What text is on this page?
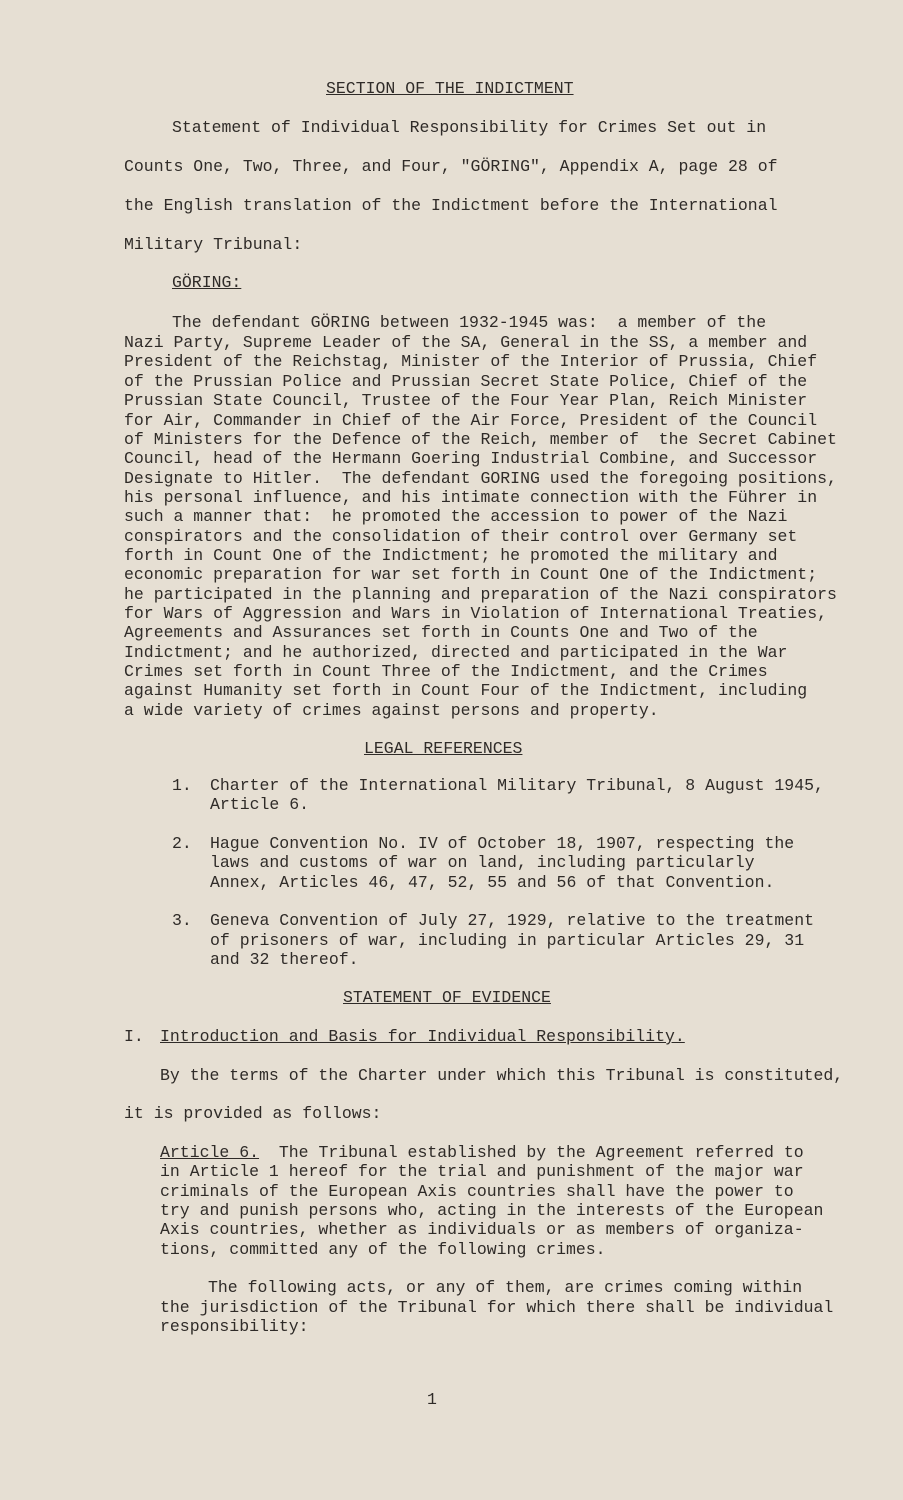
SECTION OF THE INDICTMENT

Statement of Individual Responsibility for Crimes Set out in

Counts One, Two, Three, and Four, "GÖRING", Appendix A, page 28 of

the English translation of the Indictment before the International

Military Tribunal:

GÖRING:

The defendant GÖRING between 1932-1945 was:  a member of the

Nazi Party, Supreme Leader of the SA, General in the SS, a member and

President of the Reichstag, Minister of the Interior of Prussia, Chief

of the Prussian Police and Prussian Secret State Police, Chief of the

Prussian State Council, Trustee of the Four Year Plan, Reich Minister

for Air, Commander in Chief of the Air Force, President of the Council

of Ministers for the Defence of the Reich, member of  the Secret Cabinet

Council, head of the Hermann Goering Industrial Combine, and Successor

Designate to Hitler.  The defendant GORING used the foregoing positions,

his personal influence, and his intimate connection with the Führer in

such a manner that:  he promoted the accession to power of the Nazi

conspirators and the consolidation of their control over Germany set

forth in Count One of the Indictment; he promoted the military and

economic preparation for war set forth in Count One of the Indictment;

he participated in the planning and preparation of the Nazi conspirators

for Wars of Aggression and Wars in Violation of International Treaties,

Agreements and Assurances set forth in Counts One and Two of the

Indictment; and he authorized, directed and participated in the War

Crimes set forth in Count Three of the Indictment, and the Crimes

against Humanity set forth in Count Four of the Indictment, including

a wide variety of crimes against persons and property.

LEGAL REFERENCES

1. Charter of the International Military Tribunal, 8 August 1945,

Article 6.

2. Hague Convention No. IV of October 18, 1907, respecting the

laws and customs of war on land, including particularly

Annex, Articles 46, 47, 52, 55 and 56 of that Convention.

3. Geneva Convention of July 27, 1929, relative to the treatment

of prisoners of war, including in particular Articles 29, 31

and 32 thereof.

STATEMENT OF EVIDENCE

I. Introduction and Basis for Individual Responsibility.

By the terms of the Charter under which this Tribunal is constituted,

it is provided as follows:

Article 6.  The Tribunal established by the Agreement referred to

in Article 1 hereof for the trial and punishment of the major war

criminals of the European Axis countries shall have the power to

try and punish persons who, acting in the interests of the European

Axis countries, whether as individuals or as members of organiza-

tions, committed any of the following crimes.

The following acts, or any of them, are crimes coming within

the jurisdiction of the Tribunal for which there shall be individual

responsibility:

1
